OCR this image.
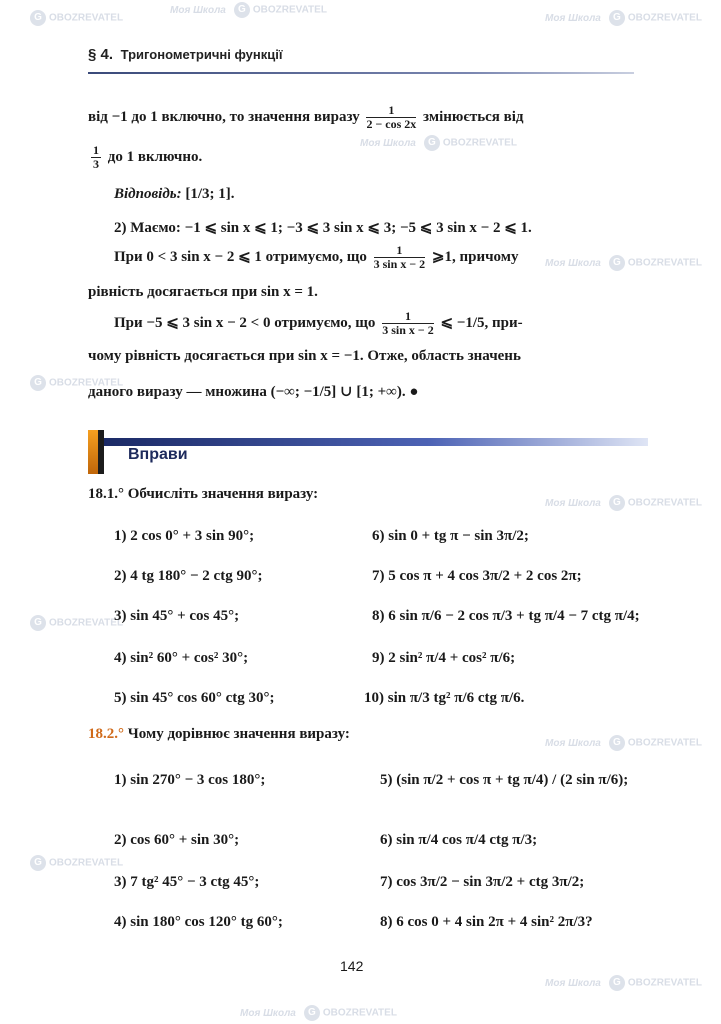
Моя Школа G OBOZREVATEL
G OBOZREVATEL	Моя Школа G OBOZREVATEL
Моя Школа G OBOZREVATEL
Моя Школа G OBOZREVATEL
G OBOZREVATEL
Моя Школа G OBOZREVATEL
G OBOZREVATEL
Моя Школа G OBOZREVATEL
G OBOZREVATEL
Моя Школа G OBOZREVATEL
Моя Школа G OBOZREVATEL
§ 4. Тригонометричні функції
від −1 до 1 включно, то значення виразу $\frac{1}{2 - \cos 2x}$ змінюється від
$\frac{1}{3}$ до 1 включно.
Відповідь: [1/3; 1].
2) Маємо: −1 ⩽ sin x ⩽ 1; −3 ⩽ 3 sin x ⩽ 3; −5 ⩽ 3 sin x − 2 ⩽ 1.
При 0 < 3 sin x − 2 ⩽ 1 отримуємо, що $\frac{1}{\text{3 sin x − 2}}$ ⩾1, причому
рівність досягається при sin x = 1.
При −5 ⩽ 3 sin x − 2 < 0 отримуємо, що $\frac{1}{\text{3 sin x − 2}}$ ⩽ −1/5, при-
чому рівність досягається при sin x = −1. Отже, область значень
даного виразу — множина (−∞; −1/5] ∪ [1; +∞). ●
Вправи
18.1.° Обчисліть значення виразу:
1) 2 cos 0° + 3 sin 90°;	6) sin 0 + tg π − sin 3π/2;
2) 4 tg 180° − 2 ctg 90°;	7) 5 cos π + 4 cos 3π/2 + 2 cos 2π;
3) sin 45° + cos 45°;	8) 6 sin π/6 − 2 cos π/3 + tg π/4 − 7 ctg π/4;
4) sin² 60° + cos² 30°;	9) 2 sin² π/4 + cos² π/6;
5) sin 45° cos 60° ctg 30°;	10) sin π/3 tg² π/6 ctg π/6.
18.2.° Чому дорівнює значення виразу:
1) sin 270° − 3 cos 180°;	5) (sin π/2 + cos π + tg π/4) / (2 sin π/6);
2) cos 60° + sin 30°;	6) sin π/4 cos π/4 ctg π/3;
3) 7 tg² 45° − 3 ctg 45°;	7) cos 3π/2 − sin 3π/2 + ctg 3π/2;
4) sin 180° cos 120° tg 60°;	8) 6 cos 0 + 4 sin 2π + 4 sin² 2π/3?
142
